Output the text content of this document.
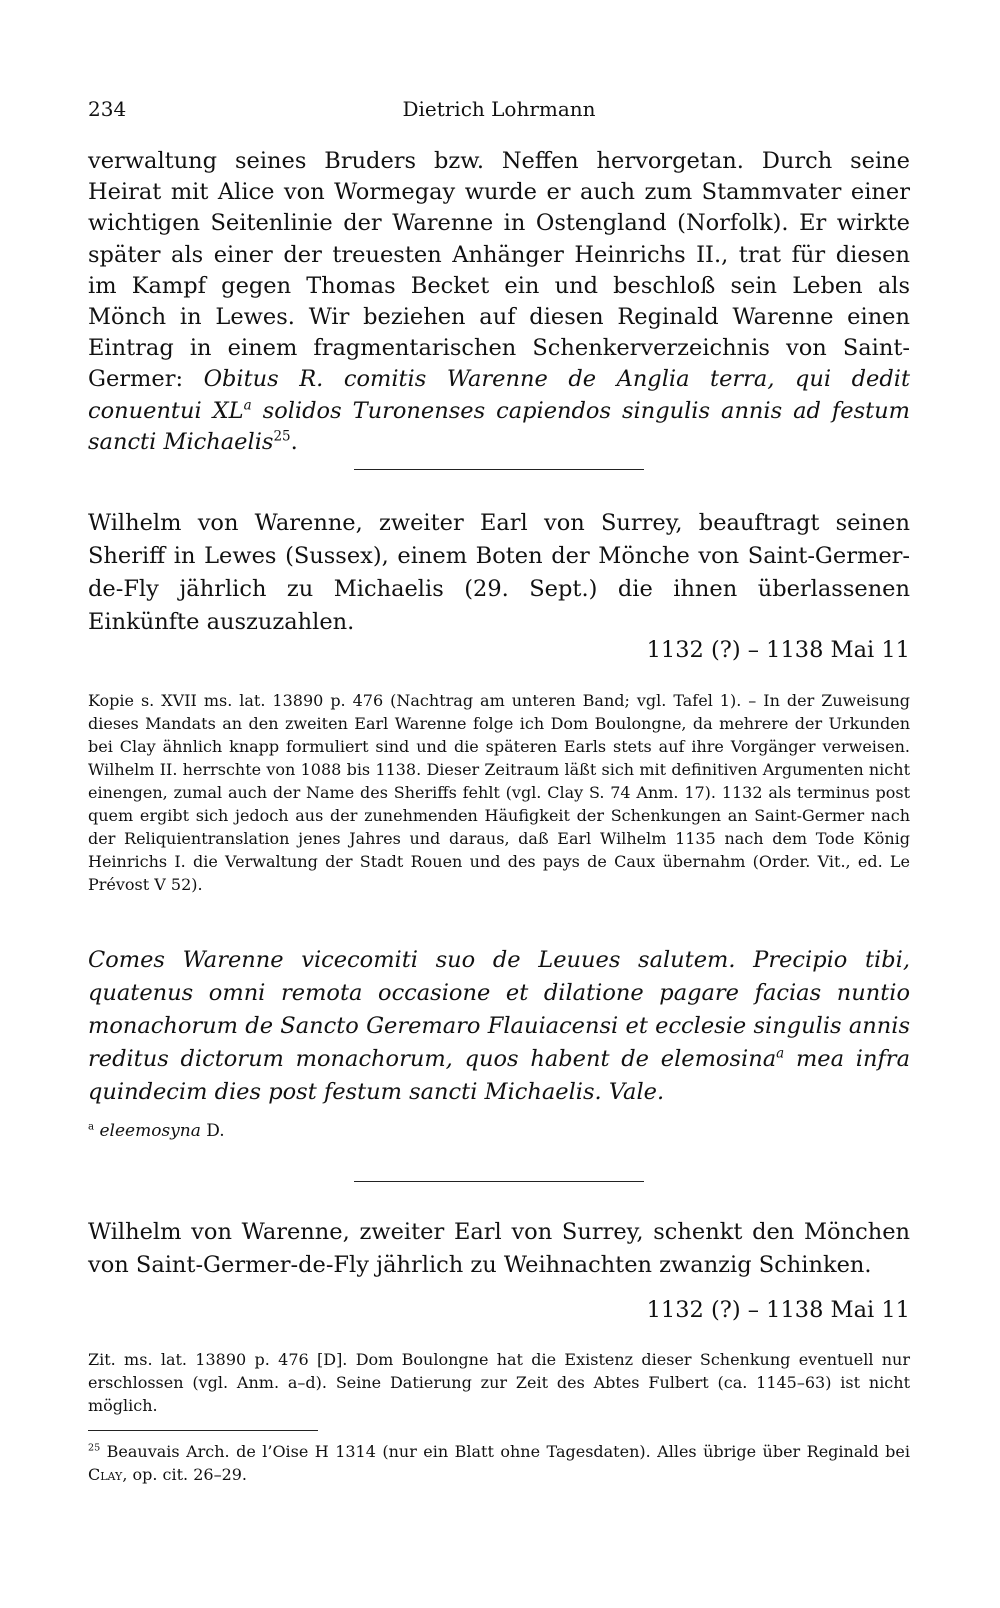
234	Dietrich Lohrmann

verwaltung seines Bruders bzw. Neffen hervorgetan. Durch seine Heirat mit Alice von Wormegay wurde er auch zum Stammvater einer wichtigen Seitenlinie der Warenne in Ostengland (Norfolk). Er wirkte später als einer der treuesten Anhänger Heinrichs II., trat für diesen im Kampf gegen Thomas Becket ein und beschloß sein Leben als Mönch in Lewes. Wir beziehen auf diesen Reginald Warenne einen Eintrag in einem fragmentarischen Schenkerverzeichnis von Saint-Germer: Obitus R. comitis Warenne de Anglia terra, qui dedit conuentui $XL^a$ solidos Turonenses capiendos singulis annis ad festum sancti Michaelis$^{25}$.

Wilhelm von Warenne, zweiter Earl von Surrey, beauftragt seinen Sheriff in Lewes (Sussex), einem Boten der Mönche von Saint-Germer-de-Fly jährlich zu Michaelis (29. Sept.) die ihnen überlassenen Einkünfte auszuzahlen.

1132 (?) – 1138 Mai 11

Kopie s. XVII ms. lat. 13890 p. 476 (Nachtrag am unteren Band; vgl. Tafel 1). – In der Zuweisung dieses Mandats an den zweiten Earl Warenne folge ich Dom Boulongne, da mehrere der Urkunden bei Clay ähnlich knapp formuliert sind und die späteren Earls stets auf ihre Vorgänger verweisen. Wilhelm II. herrschte von 1088 bis 1138. Dieser Zeitraum läßt sich mit definitiven Argumenten nicht einengen, zumal auch der Name des Sheriffs fehlt (vgl. Clay S. 74 Anm. 17). 1132 als terminus post quem ergibt sich jedoch aus der zunehmenden Häufigkeit der Schenkungen an Saint-Germer nach der Reliquientranslation jenes Jahres und daraus, daß Earl Wilhelm 1135 nach dem Tode König Heinrichs I. die Verwaltung der Stadt Rouen und des pays de Caux übernahm (Order. Vit., ed. Le Prévost V 52).

Comes Warenne vicecomiti suo de Leuues salutem. Precipio tibi, quatenus omni remota occasione et dilatione pagare facias nuntio monachorum de Sancto Geremaro Flauiacensi et ecclesie singulis annis reditus dictorum monachorum, quos habent de elemosina$^a$ mea infra quindecim dies post festum sancti Michaelis. Vale.

$^a$ eleemosyna D.

Wilhelm von Warenne, zweiter Earl von Surrey, schenkt den Mönchen von Saint-Germer-de-Fly jährlich zu Weihnachten zwanzig Schinken.

1132 (?) – 1138 Mai 11

Zit. ms. lat. 13890 p. 476 [D]. Dom Boulongne hat die Existenz dieser Schenkung eventuell nur erschlossen (vgl. Anm. a–d). Seine Datierung zur Zeit des Abtes Fulbert (ca. 1145–63) ist nicht möglich.

$^{25}$ Beauvais Arch. de l’Oise H 1314 (nur ein Blatt ohne Tagesdaten). Alles übrige über Reginald bei Clay, op. cit. 26–29.
